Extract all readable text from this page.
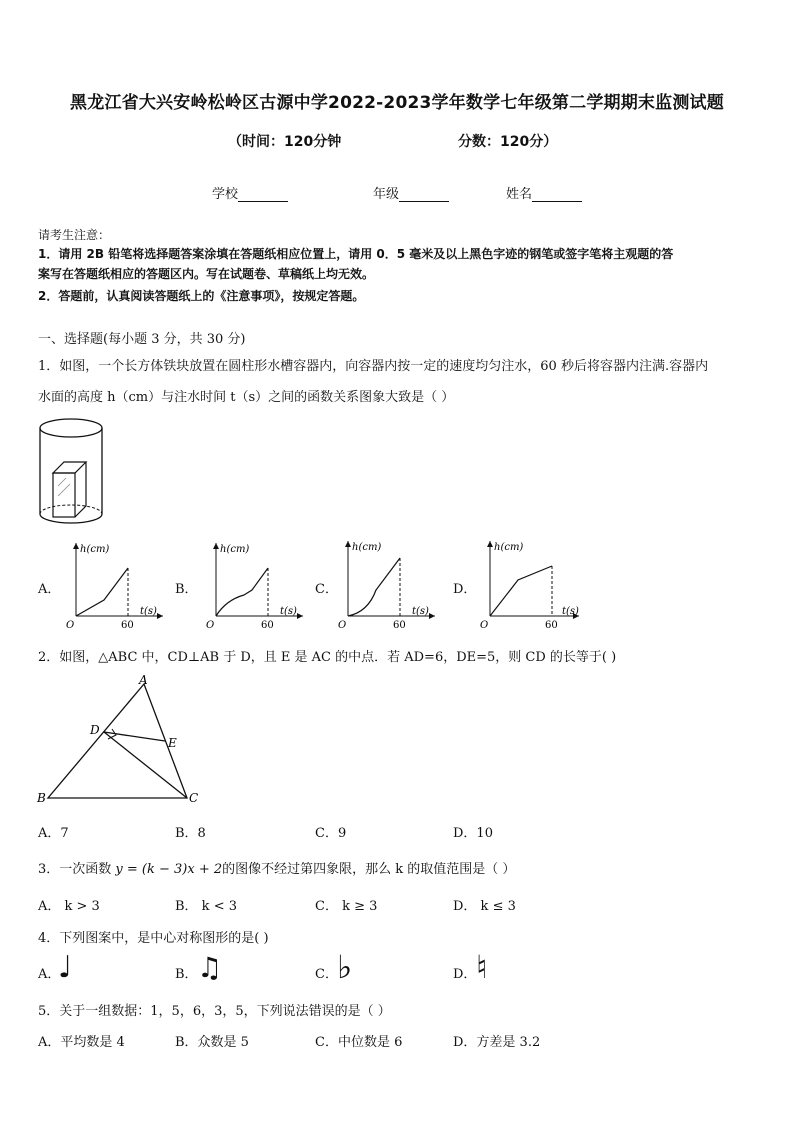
黑龙江省大兴安岭松岭区古源中学2022-2023学年数学七年级第二学期期末监测试题
（时间：120分钟	分数：120分）
学校	年级	姓名
请考生注意：
1．请用 2B 铅笔将选择题答案涂填在答题纸相应位置上，请用 0．5 毫米及以上黑色字迹的钢笔或签字笔将主观题的答
案写在答题纸相应的答题区内。写在试题卷、草稿纸上均无效。
2．答题前，认真阅读答题纸上的《注意事项》，按规定答题。
一、选择题(每小题 3 分，共 30 分)
1．如图，一个长方体铁块放置在圆柱形水槽容器内，向容器内按一定的速度均匀注水，60 秒后将容器内注满.容器内
水面的高度 h（cm）与注水时间 t（s）之间的函数关系图象大致是（ ）
A．	B．	C．	D．
h(cm)
t(s)
O	60
h(cm)
t(s)
O	60
h(cm)
t(s)
O	60
h(cm)
t(s)
O	60
2．如图，△ABC 中，CD⊥AB 于 D，且 E 是 AC 的中点．若 AD=6，DE=5，则 CD 的长等于( )
A
B	C
D
E
A．7	B．8	C．9	D．10
3．一次函数 y = (k − 3)x + 2的图像不经过第四象限，那么 k 的取值范围是（ ）
A． k > 3	B． k < 3	C． k ≥ 3	D． k ≤ 3
4．下列图案中，是中心对称图形的是( )
A．	B．	C．	D．
♩	♫	♭	♮
5．关于一组数据：1，5，6，3，5，下列说法错误的是（ ）
A．平均数是 4	B．众数是 5	C．中位数是 6	D．方差是 3.2
